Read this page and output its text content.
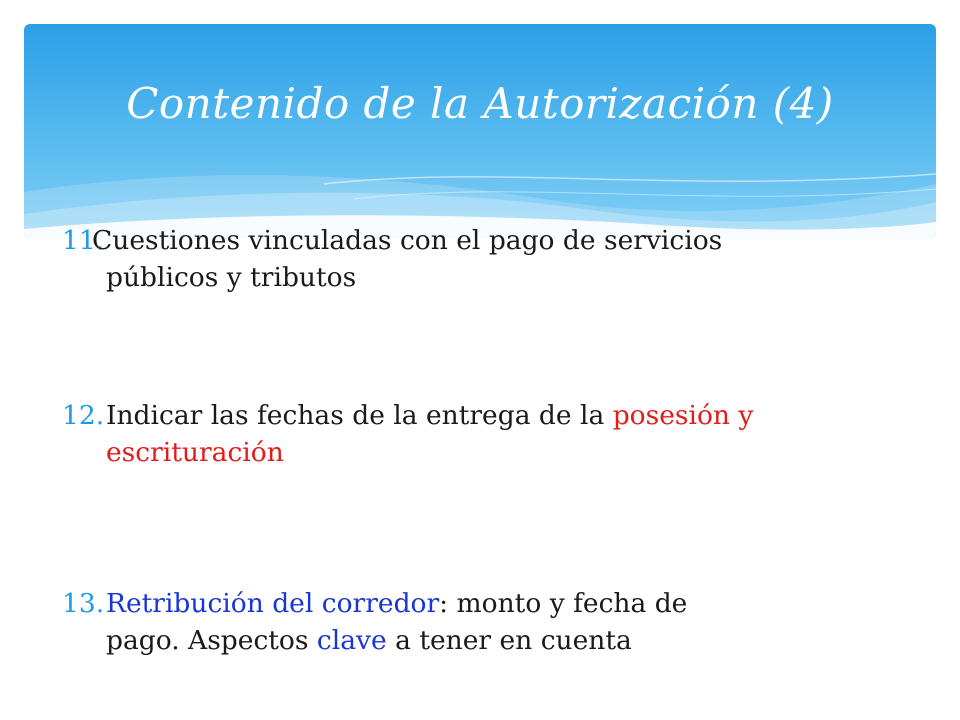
Contenido de la Autorización (4)
11.
Cuestiones vinculadas con el pago de servicios
públicos y tributos
12. Indicar las fechas de la entrega de la posesión y
escrituración
13. Retribución del corredor: monto y fecha de
pago. Aspectos clave a tener en cuenta
